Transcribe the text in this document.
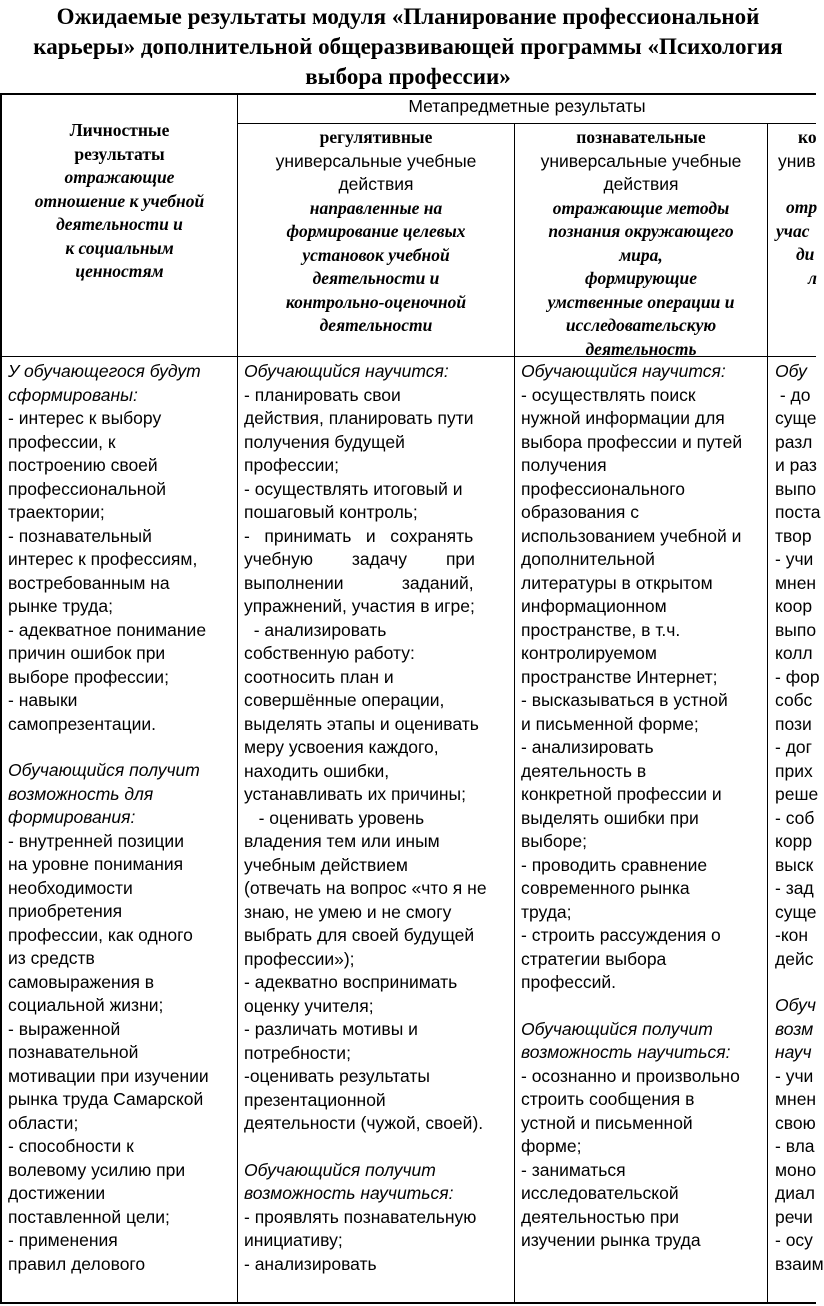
Ожидаемые результаты модуля «Планирование профессиональной
карьеры» дополнительной общеразвивающей программы «Психология
выбора профессии»
Метапредметные результаты
Личностные
результаты
отражающие
отношение к учебной
деятельности и
к социальным
ценностям
регулятивные
универсальные учебные
действия
направленные на
формирование целевых
установок учебной
деятельности и
контрольно-оценочной
деятельности
познавательные
универсальные учебные
действия
отражающие методы
познания окружающего
мира,
формирующие
умственные операции и
исследовательскую
деятельность
ко
унив
отр
учас
ди
л
У обучающегося будут
сформированы:
- интерес к выбору
профессии, к
построению своей
профессиональной
траектории;
- познавательный
интерес к профессиям,
востребованным на
рынке труда;
- адекватное понимание
причин ошибок при
выборе профессии;
- навыки
самопрезентации.
Обучающийся получит
возможность для
формирования:
- внутренней позиции
на уровне понимания
необходимости
приобретения
профессии, как одного
из средств
самовыражения в
социальной жизни;
- выраженной
познавательной
мотивации при изучении
рынка труда Самарской
области;
- способности к
волевому усилию при
достижении
поставленной цели;
- применения
правил делового
Обучающийся научится:
- планировать свои
действия, планировать пути
получения будущей
профессии;
- осуществлять итоговый и
пошаговый контроль;
-   принимать   и   сохранять
учебную        задачу        при
выполнении            заданий,
упражнений, участия в игре;
- анализировать
собственную работу:
соотносить план и
совершённые операции,
выделять этапы и оценивать
меру усвоения каждого,
находить ошибки,
устанавливать их причины;
- оценивать уровень
владения тем или иным
учебным действием
(отвечать на вопрос «что я не
знаю, не умею и не смогу
выбрать для своей будущей
профессии»);
- адекватно воспринимать
оценку учителя;
- различать мотивы и
потребности;
-оценивать результаты
презентационной
деятельности (чужой, своей).
Обучающийся получит
возможность научиться:
- проявлять познавательную
инициативу;
- анализировать
Обучающийся научится:
- осуществлять поиск
нужной информации для
выбора профессии и путей
получения
профессионального
образования с
использованием учебной и
дополнительной
литературы в открытом
информационном
пространстве, в т.ч.
контролируемом
пространстве Интернет;
- высказываться в устной
и письменной форме;
- анализировать
деятельность в
конкретной профессии и
выделять ошибки при
выборе;
- проводить сравнение
современного рынка
труда;
- строить рассуждения о
стратегии выбора
профессий.
Обучающийся получит
возможность научиться:
- осознанно и произвольно
строить сообщения в
устной и письменной
форме;
- заниматься
исследовательской
деятельностью при
изучении рынка труда
Обу
- до
суще
разл
и раз
выпо
поста
твор
- учи
мнен
коор
выпо
колл
- фор
собс
пози
- дог
прих
реше
- соб
корр
выск
- зад
суще
-кон
дейс
Обуч
возм
науч
- учи
мнен
свою
- вла
моно
диал
речи
- осу
взаим
